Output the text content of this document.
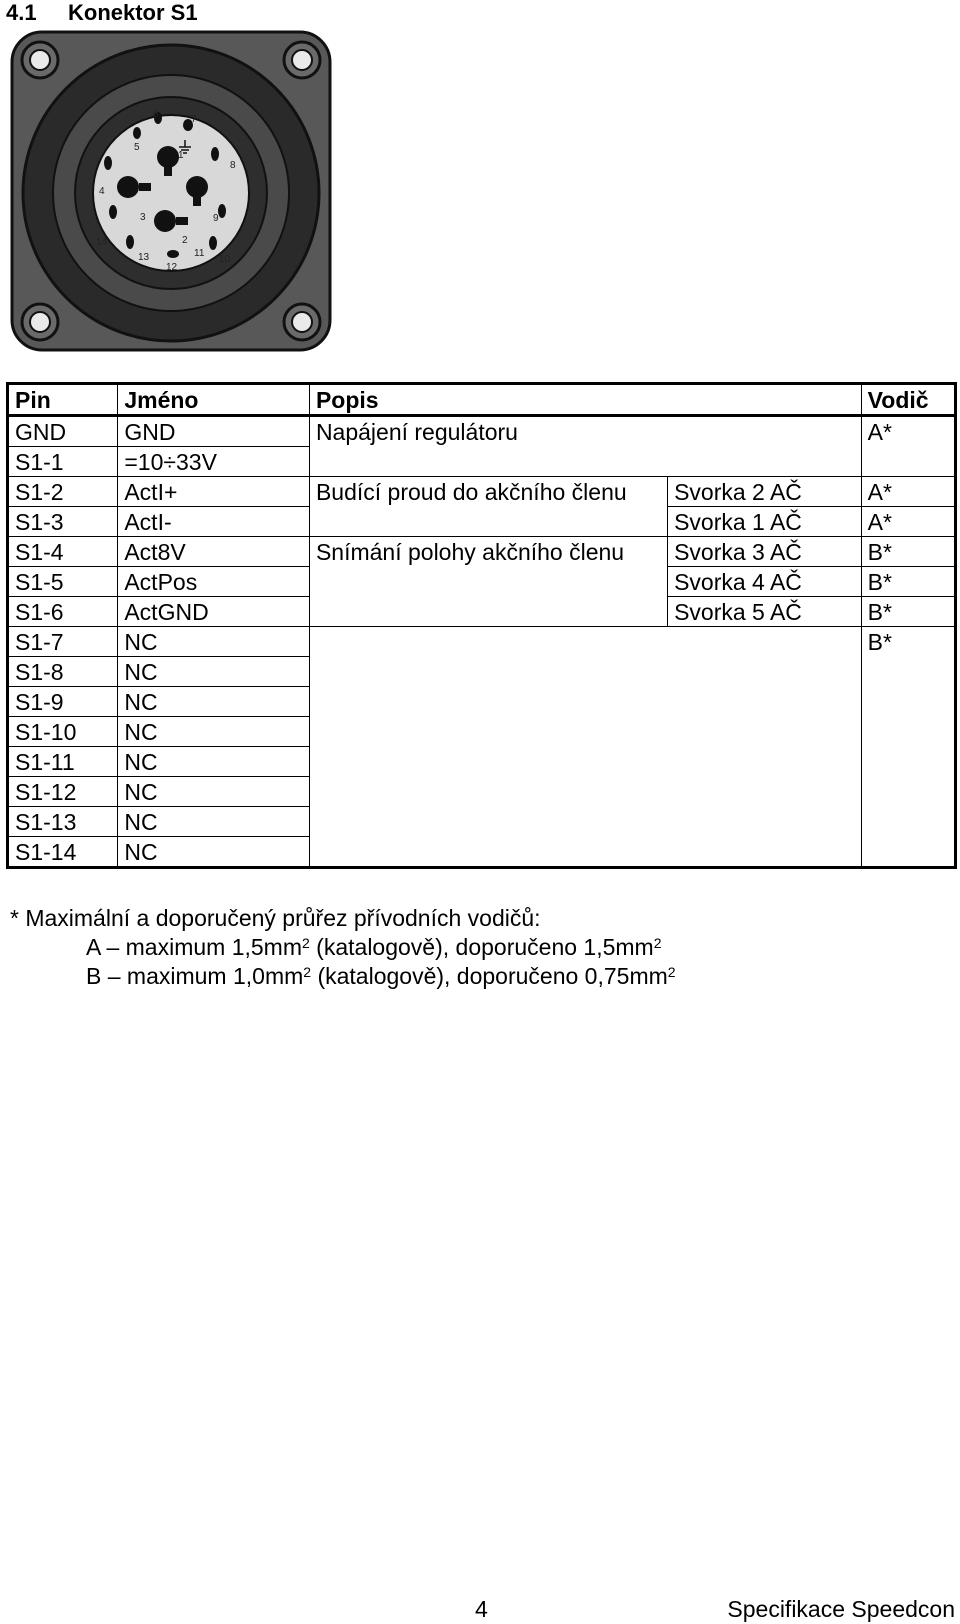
4.1 Konektor S1
1
2
3
4
5
6	7
8
9
10
11
12
13
14
Pin	Jméno	Popis		Vodič
GND	GND	Napájení regulátoru		A*
S1-1	=10÷33V			
S1-2	ActI+	Budící proud do akčního členu	Svorka 2 AČ	A*
S1-3	ActI-		Svorka 1 AČ	A*
S1-4	Act8V	Snímání polohy akčního členu	Svorka 3 AČ	B*
S1-5	ActPos		Svorka 4 AČ	B*
S1-6	ActGND		Svorka 5 AČ	B*
S1-7	NC			B*
S1-8	NC			
S1-9	NC			
S1-10	NC			
S1-11	NC			
S1-12	NC			
S1-13	NC			
S1-14	NC			
* Maximální a doporučený průřez přívodních vodičů:
A – maximum $1,5mm^2$ (katalogově), doporučeno $1,5mm^2$
B – maximum $1,0mm^2$ (katalogově), doporučeno $0,75mm^2$
4	Specifikace Speedcon
